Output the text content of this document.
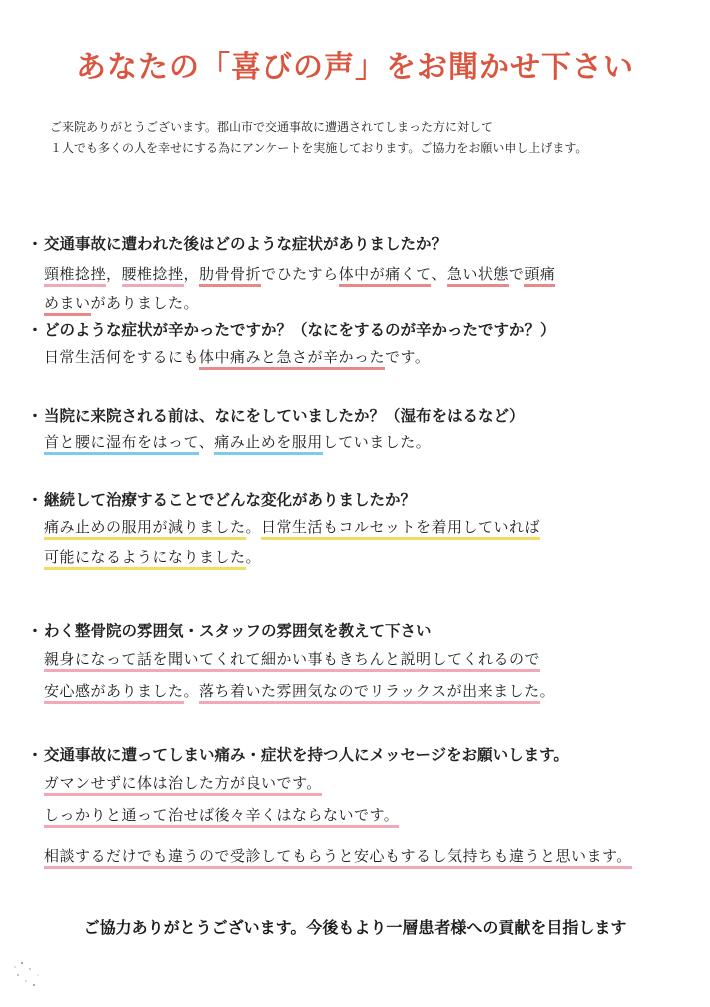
あなたの「喜びの声」をお聞かせ下さい
ご来院ありがとうございます。郡山市で交通事故に遭遇されてしまった方に対して
１人でも多くの人を幸せにする為にアンケートを実施しております。ご協力をお願い申し上げます。
・交通事故に遭われた後はどのような症状がありましたか？
頸椎捻挫，腰椎捻挫，肋骨骨折でひたすら体中が痛くて、急い状態で頭痛
めまいがありました。
・どのような症状が辛かったですか？（なにをするのが辛かったですか？）
日常生活何をするにも体中痛みと急さが辛かったです。
・当院に来院される前は、なにをしていましたか？（湿布をはるなど）
首と腰に湿布をはって、痛み止めを服用していました。
・継続して治療することでどんな変化がありましたか？
痛み止めの服用が減りました。日常生活もコルセットを着用していれば
可能になるようになりました。
・わく整骨院の雰囲気・スタッフの雰囲気を教えて下さい
親身になって話を聞いてくれて細かい事もきちんと説明してくれるので
安心感がありました。落ち着いた雰囲気なのでリラックスが出来ました。
・交通事故に遭ってしまい痛み・症状を持つ人にメッセージをお願いします。
ガマンせずに体は治した方が良いです。
しっかりと通って治せば後々辛くはならないです。
相談するだけでも違うので受診してもらうと安心もするし気持ちも違うと思います。
ご協力ありがとうございます。今後もより一層患者様への貢献を目指します
